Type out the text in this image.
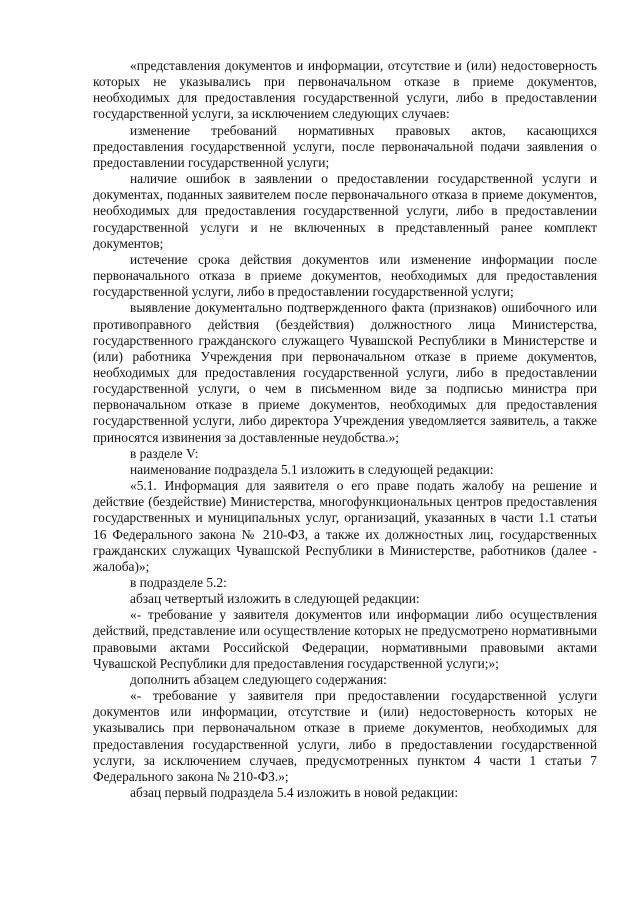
«представления документов и информации, отсутствие и (или) недостоверность которых не указывались при первоначальном отказе в приеме документов, необходимых для предоставления государственной услуги, либо в предоставлении государственной услуги, за исключением следующих случаев:

изменение требований нормативных правовых актов, касающихся предоставления государственной услуги, после первоначальной подачи заявления о предоставлении государственной услуги;

наличие ошибок в заявлении о предоставлении государственной услуги и документах, поданных заявителем после первоначального отказа в приеме документов, необходимых для предоставления государственной услуги, либо в предоставлении государственной услуги и не включенных в представленный ранее комплект документов;

истечение срока действия документов или изменение информации после первоначального отказа в приеме документов, необходимых для предоставления государственной услуги, либо в предоставлении государственной услуги;

выявление документально подтвержденного факта (признаков) ошибочного или противоправного действия (бездействия) должностного лица Министерства, государственного гражданского служащего Чувашской Республики в Министерстве и (или) работника Учреждения при первоначальном отказе в приеме документов, необходимых для предоставления государственной услуги, либо в предоставлении государственной услуги, о чем в письменном виде за подписью министра при первоначальном отказе в приеме документов, необходимых для предоставления государственной услуги, либо директора Учреждения уведомляется заявитель, а также приносятся извинения за доставленные неудобства.»;

в разделе V:

наименование подраздела 5.1 изложить в следующей редакции:

«5.1. Информация для заявителя о его праве подать жалобу на решение и действие (бездействие) Министерства, многофункциональных центров предоставления государственных и муниципальных услуг, организаций, указанных в части 1.1 статьи 16 Федерального закона № 210-ФЗ, а также их должностных лиц, государственных гражданских служащих Чувашской Республики в Министерстве, работников (далее - жалоба)»;

в подразделе 5.2:

абзац четвертый изложить в следующей редакции:

«- требование у заявителя документов или информации либо осуществления действий, представление или осуществление которых не предусмотрено нормативными правовыми актами Российской Федерации, нормативными правовыми актами Чувашской Республики для предоставления государственной услуги;»;

дополнить абзацем следующего содержания:

«- требование у заявителя при предоставлении государственной услуги документов или информации, отсутствие и (или) недостоверность которых не указывались при первоначальном отказе в приеме документов, необходимых для предоставления государственной услуги, либо в предоставлении государственной услуги, за исключением случаев, предусмотренных пунктом 4 части 1 статьи 7 Федерального закона № 210-ФЗ.»;

абзац первый подраздела 5.4 изложить в новой редакции:
